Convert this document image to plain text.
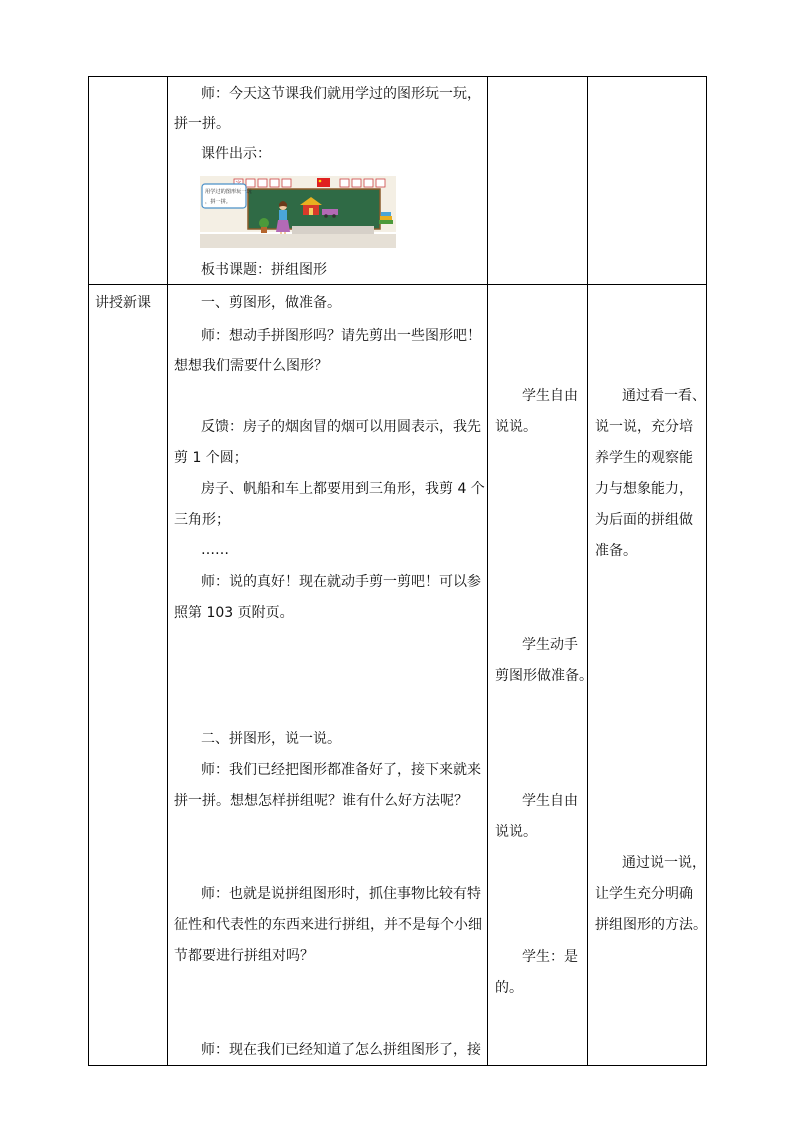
师：今天这节课我们就用学过的图形玩一玩，
拼一拼。
课件出示：
用学过的图形玩一玩
，拼一拼。
板书课题：拼组图形
讲授新课	一、剪图形，做准备。
师：想动手拼图形吗？请先剪出一些图形吧！
想想我们需要什么图形？
反馈：房子的烟囱冒的烟可以用圆表示，我先
剪 1 个圆；
房子、帆船和车上都要用到三角形，我剪 4 个
三角形；
……
师：说的真好！现在就动手剪一剪吧！可以参
照第 103 页附页。
二、拼图形，说一说。
师：我们已经把图形都准备好了，接下来就来
拼一拼。想想怎样拼组呢？谁有什么好方法呢？
师：也就是说拼组图形时，抓住事物比较有特
征性和代表性的东西来进行拼组，并不是每个小细
节都要进行拼组对吗？
师：现在我们已经知道了怎么拼组图形了，接
学生自由
说说。
学生动手
剪图形做准备。
学生自由
说说。
学生：是
的。
通过看一看、
说一说，充分培
养学生的观察能
力与想象能力，
为后面的拼组做
准备。
通过说一说，
让学生充分明确
拼组图形的方法。
